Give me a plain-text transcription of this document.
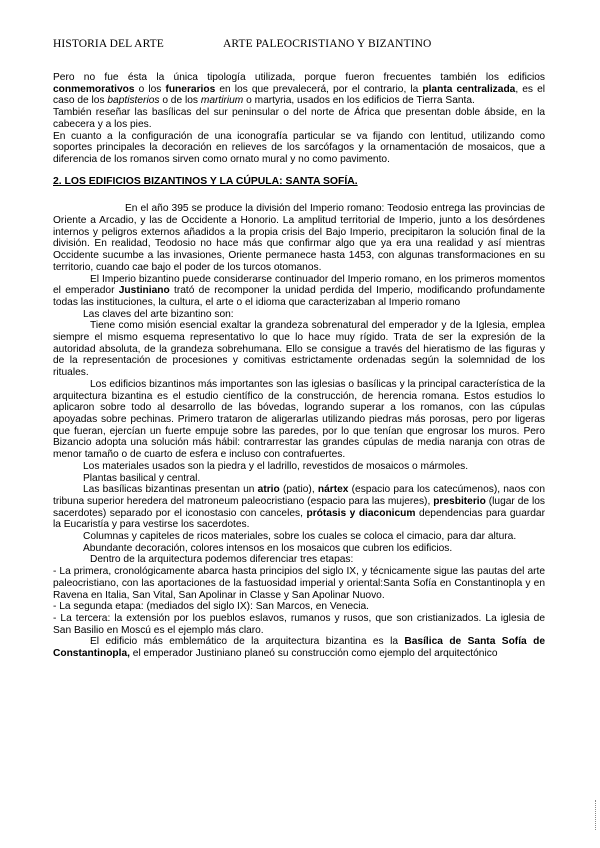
HISTORIA DEL ARTE	ARTE PALEOCRISTIANO Y BIZANTINO

Pero no fue ésta la única tipología utilizada, porque fueron frecuentes también los edificios conmemorativos o los funerarios en los que prevalecerá, por el contrario, la planta centralizada, es el caso de los baptisterios o de los martirium o martyria, usados en los edificios de Tierra Santa.

También reseñar las basílicas del sur peninsular o del norte de África que presentan doble ábside, en la cabecera y a los pies.

En cuanto a la configuración de una iconografía particular se va fijando con lentitud, utilizando como soportes principales la decoración en relieves de los sarcófagos y la ornamentación de mosaicos, que a diferencia de los romanos sirven como ornato mural y no como pavimento.

2. LOS EDIFICIOS BIZANTINOS Y LA CÚPULA: SANTA SOFÍA.

En el año 395 se produce la división del Imperio romano: Teodosio entrega las provincias de Oriente a Arcadio, y las de Occidente a Honorio. La amplitud territorial de Imperio, junto a los desórdenes internos y peligros externos añadidos a la propia crisis del Bajo Imperio, precipitaron la solución final de la división. En realidad, Teodosio no hace más que confirmar algo que ya era una realidad y así mientras Occidente sucumbe a las invasiones, Oriente permanece hasta 1453, con algunas transformaciones en su territorio, cuando cae bajo el poder de los turcos otomanos.

El Imperio bizantino puede considerarse continuador del Imperio romano, en los primeros momentos el emperador Justiniano trató de recomponer la unidad perdida del Imperio, modificando profundamente todas las instituciones, la cultura, el arte o el idioma que caracterizaban al Imperio romano

Las claves del arte bizantino son:

Tiene como misión esencial exaltar la grandeza sobrenatural del emperador y de la Iglesia, emplea siempre el mismo esquema representativo lo que lo hace muy rígido. Trata de ser la expresión de la autoridad absoluta, de la grandeza sobrehumana. Ello se consigue a través del hieratismo de las figuras y de la representación de procesiones y comitivas estrictamente ordenadas según la solemnidad de los rituales.

Los edificios bizantinos más importantes son las iglesias o basílicas y la principal característica de la arquitectura bizantina es el estudio científico de la construcción, de herencia romana. Estos estudios lo aplicaron sobre todo al desarrollo de las bóvedas, logrando superar a los romanos, con las cúpulas apoyadas sobre pechinas. Primero trataron de aligerarlas utilizando piedras más porosas, pero por ligeras que fueran, ejercían un fuerte empuje sobre las paredes, por lo que tenían que engrosar los muros. Pero Bizancio adopta una solución más hábil: contrarrestar las grandes cúpulas de media naranja con otras de menor tamaño o de cuarto de esfera e incluso con contrafuertes.

Los materiales usados son la piedra y el ladrillo, revestidos de mosaicos o mármoles.

Plantas basilical y central.

Las basílicas bizantinas presentan un atrio (patio), nártex (espacio para los catecúmenos), naos con tribuna superior heredera del matroneum paleocristiano (espacio para las mujeres), presbiterio (lugar de los sacerdotes) separado por el iconostasio con canceles, prótasis y diaconicum dependencias para guardar la Eucaristía y para vestirse los sacerdotes.

Columnas y capiteles de ricos materiales, sobre los cuales se coloca el cimacio, para dar altura.

Abundante decoración, colores intensos en los mosaicos que cubren los edificios.

Dentro de la arquitectura podemos diferenciar tres etapas:

- La primera, cronológicamente abarca hasta principios del siglo IX, y técnicamente sigue las pautas del arte paleocristiano, con las aportaciones de la fastuosidad imperial y oriental:Santa Sofía en Constantinopla y en Ravena en Italia, San Vital, San Apolinar in Classe y San Apolinar Nuovo.

- La segunda etapa: (mediados del siglo IX): San Marcos, en Venecia.

- La tercera: la extensión por los pueblos eslavos, rumanos y rusos, que son cristianizados. La iglesia de San Basilio en Moscú es el ejemplo más claro.

El edificio más emblemático de la arquitectura bizantina es la Basílica de Santa Sofía de Constantinopla, el emperador Justiniano planeó su construcción como ejemplo del arquitectónico
